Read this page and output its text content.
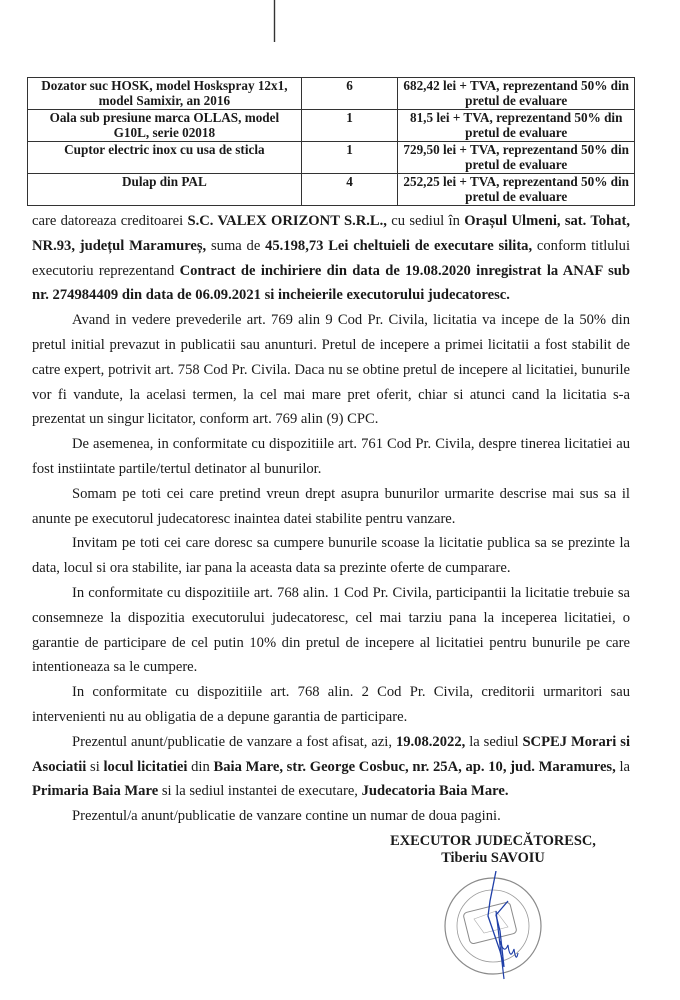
Dozator suc HOSK, model Hoskspray 12x1, model Samixir, an 2016	6	682,42 lei + TVA, reprezentand 50% din pretul de evaluare
Oala sub presiune marca OLLAS, model G10L, serie 02018	1	81,5 lei + TVA, reprezentand 50% din pretul de evaluare
Cuptor electric inox cu usa de sticla	1	729,50 lei + TVA, reprezentand 50% din pretul de evaluare
Dulap din PAL	4	252,25 lei + TVA, reprezentand 50% din pretul de evaluare

care datoreaza creditoarei S.C. VALEX ORIZONT S.R.L., cu sediul în Orașul Ulmeni, sat. Tohat, NR.93, județul Maramureș, suma de 45.198,73 Lei cheltuieli de executare silita, conform titlului executoriu reprezentand Contract de inchiriere din data de 19.08.2020 inregistrat la ANAF sub nr. 274984409 din data de 06.09.2021 si incheierile executorului judecatoresc.

Avand in vedere prevederile art. 769 alin 9 Cod Pr. Civila, licitatia va incepe de la 50% din pretul initial prevazut in publicatii sau anunturi. Pretul de incepere a primei licitatii a fost stabilit de catre expert, potrivit art. 758 Cod Pr. Civila. Daca nu se obtine pretul de incepere al licitatiei, bunurile vor fi vandute, la acelasi termen, la cel mai mare pret oferit, chiar si atunci cand la licitatia s-a prezentat un singur licitator, conform art. 769 alin (9) CPC.

De asemenea, in conformitate cu dispozitiile art. 761 Cod Pr. Civila, despre tinerea licitatiei au fost instiintate partile/tertul detinator al bunurilor.

Somam pe toti cei care pretind vreun drept asupra bunurilor urmarite descrise mai sus sa il anunte pe executorul judecatoresc inaintea datei stabilite pentru vanzare.

Invitam pe toti cei care doresc sa cumpere bunurile scoase la licitatie publica sa se prezinte la data, locul si ora stabilite, iar pana la aceasta data sa prezinte oferte de cumparare.

In conformitate cu dispozitiile art. 768 alin. 1 Cod Pr. Civila, participantii la licitatie trebuie sa consemneze la dispozitia executorului judecatoresc, cel mai tarziu pana la inceperea licitatiei, o garantie de participare de cel putin 10% din pretul de incepere al licitatiei pentru bunurile pe care intentioneaza sa le cumpere.

In conformitate cu dispozitiile art. 768 alin. 2 Cod Pr. Civila, creditorii urmaritori sau intervenienti nu au obligatia de a depune garantia de participare.

Prezentul anunt/publicatie de vanzare a fost afisat, azi, 19.08.2022, la sediul SCPEJ Morari si Asociatii si locul licitatiei din Baia Mare, str. George Cosbuc, nr. 25A, ap. 10, jud. Maramures, la Primaria Baia Mare si la sediul instantei de executare, Judecatoria Baia Mare.

Prezentul/a anunt/publicatie de vanzare contine un numar de doua pagini.

EXECUTOR JUDECĂTORESC,
Tiberiu SAVOIU
